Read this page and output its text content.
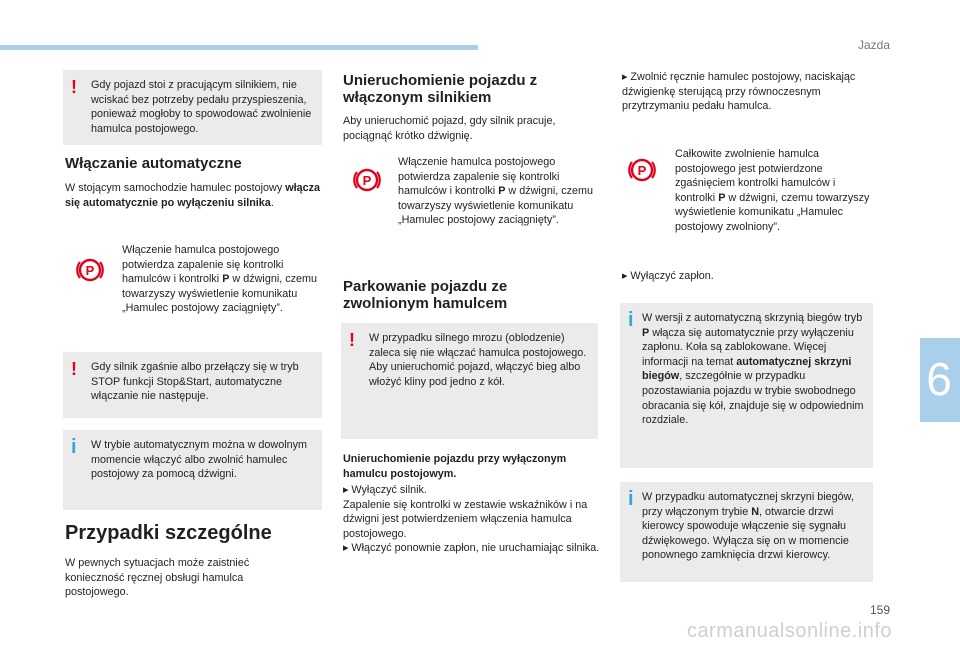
Jazda
6
159
carmanualsonline.info
! Gdy pojazd stoi z pracującym silnikiem, nie wciskać bez potrzeby pedału przyspieszenia, ponieważ mogłoby to spowodować zwolnienie hamulca postojowego.

Włączanie automatyczne

W stojącym samochodzie hamulec postojowy włącza się automatycznie po wyłączeniu silnika.

P

Włączenie hamulca postojowego potwierdza zapalenie się kontrolki hamulców i kontrolki P w dźwigni, czemu towarzyszy wyświetlenie komunikatu „Hamulec postojowy zaciągnięty”.

! Gdy silnik zgaśnie albo przełączy się w tryb STOP funkcji Stop&Start, automatyczne włączanie nie następuje.

i W trybie automatycznym można w dowolnym momencie włączyć albo zwolnić hamulec postojowy za pomocą dźwigni.

Przypadki szczególne

W pewnych sytuacjach może zaistnieć konieczność ręcznej obsługi hamulca postojowego.

Unieruchomienie pojazdu z włączonym silnikiem

Aby unieruchomić pojazd, gdy silnik pracuje, pociągnąć krótko dźwignię.

P

Włączenie hamulca postojowego potwierdza zapalenie się kontrolki hamulców i kontrolki P w dźwigni, czemu towarzyszy wyświetlenie komunikatu „Hamulec postojowy zaciągnięty”.

Parkowanie pojazdu ze zwolnionym hamulcem
! W przypadku silnego mrozu (oblodzenie) zaleca się nie włączać hamulca postojowego.
Aby unieruchomić pojazd, włączyć bieg albo włożyć kliny pod jedno z kół.

Unieruchomienie pojazdu przy wyłączonym hamulcu postojowym.

▸ Wyłączyć silnik.

Zapalenie się kontrolki w zestawie wskaźników i na dźwigni jest potwierdzeniem włączenia hamulca postojowego.

▸ Włączyć ponownie zapłon, nie uruchamiając silnika.

▸ Zwolnić ręcznie hamulec postojowy, naciskając dźwigienkę sterującą przy równoczesnym przytrzymaniu pedału hamulca.

P

Całkowite zwolnienie hamulca postojowego jest potwierdzone zgaśnięciem kontrolki hamulców i kontrolki P w dźwigni, czemu towarzyszy wyświetlenie komunikatu „Hamulec postojowy zwolniony”.

▸ Wyłączyć zapłon.

i W wersji z automatyczną skrzynią biegów tryb P włącza się automatycznie przy wyłączeniu zapłonu. Koła są zablokowane. Więcej informacji na temat automatycznej skrzyni biegów, szczegółnie w przypadku pozostawiania pojazdu w trybie swobodnego obracania się kół, znajduje się w odpowiednim rozdziale.

i W przypadku automatycznej skrzyni biegów, przy włączonym trybie N, otwarcie drzwi kierowcy spowoduje włączenie się sygnału dźwiękowego. Wyłącza się on w momencie ponownego zamknięcia drzwi kierowcy.
